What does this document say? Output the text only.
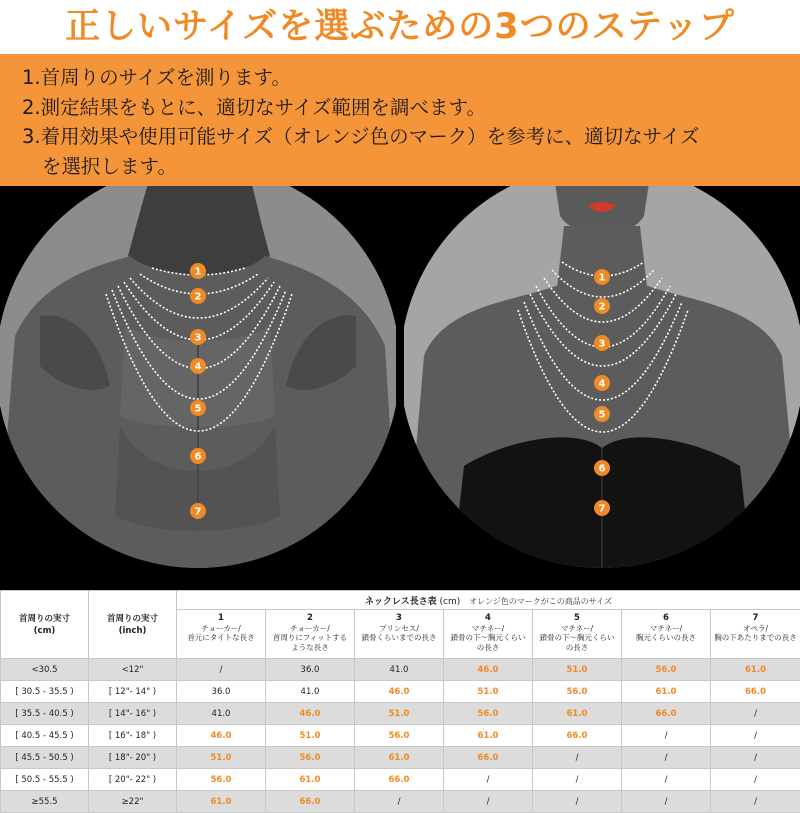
正しいサイズを選ぶための3つのステップ
1.首周りのサイズを測ります。
2.測定結果をもとに、適切なサイズ範囲を調べます。
3.着用効果や使用可能サイズ（オレンジ色のマーク）を参考に、適切なサイズ
を選択します。
1
2
3
4
5
6
7
1
2
3
4
5
6
7
首周りの実寸
(cm)	首周りの実寸
(inch)	ネックレス長さ表 (cm) オレンジ色のマークがこの商品のサイズ						

		1
チョーカー/
首元にタイトな長さ	2
チョーカー/
首周りにフィットする
ような長さ	3
プリンセス/
鎖骨くらいまでの長さ	4
マチネー/
鎖骨の下〜胸元くらい
の長さ	5
マチネー/
鎖骨の下〜胸元くらい
の長さ	6
マチネー/
胸元くらいの長さ	7
オペラ/
胸の下あたりまでの長さ
<30.5	<12"	/	36.0	41.0	46.0	51.0	56.0	61.0
[ 30.5 - 35.5 )	[ 12"- 14" )	36.0	41.0	46.0	51.0	56.0	61.0	66.0
[ 35.5 - 40.5 )	[ 14"- 16" )	41.0	46.0	51.0	56.0	61.0	66.0	/
[ 40.5 - 45.5 )	[ 16"- 18" )	46.0	51.0	56.0	61.0	66.0	/	/
[ 45.5 - 50.5 )	[ 18"- 20" )	51.0	56.0	61.0	66.0	/	/	/
[ 50.5 - 55.5 )	[ 20"- 22" )	56.0	61.0	66.0	/	/	/	/
≥55.5	≥22"	61.0	66.0	/	/	/	/	/
